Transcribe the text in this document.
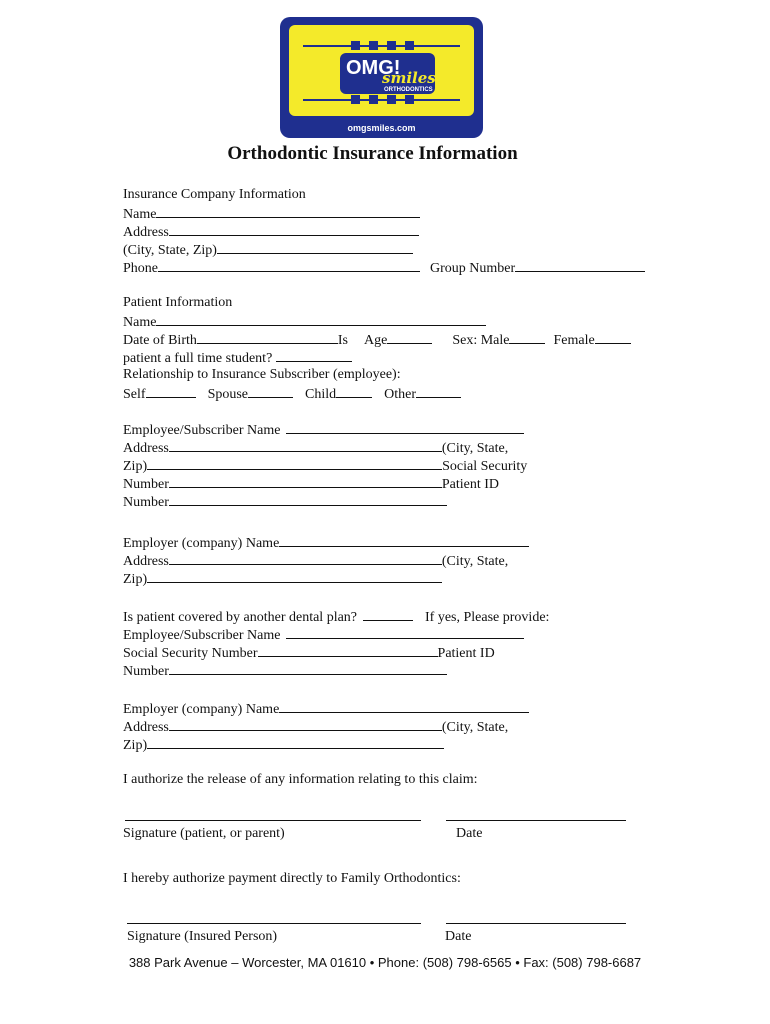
OMG!
smiles
ORTHODONTICS
omgsmiles.com
Orthodontic Insurance Information
Insurance Company Information
Name
Address
(City, State, Zip)
Phone	Group Number
Patient Information
Name
Date of Birth	Is Age	Sex: Male	Female
patient a full time student?
Relationship to Insurance Subscriber (employee):
Self	Spouse	Child	Other
Employee/Subscriber Name
Address	(City, State,
Zip)	Social Security
Number	Patient ID
Number
Employer (company) Name
Address	(City, State,
Zip)
Is patient covered by another dental plan?	If yes, Please provide:
Employee/Subscriber Name
Social Security Number	Patient ID
Number
Employer (company) Name
Address	(City, State,
Zip)
I authorize the release of any information relating to this claim:
Signature (patient, or parent)	Date
I hereby authorize payment directly to Family Orthodontics:
Signature (Insured Person)	Date
388 Park Avenue – Worcester, MA 01610 • Phone: (508) 798-6565 • Fax: (508) 798-6687
